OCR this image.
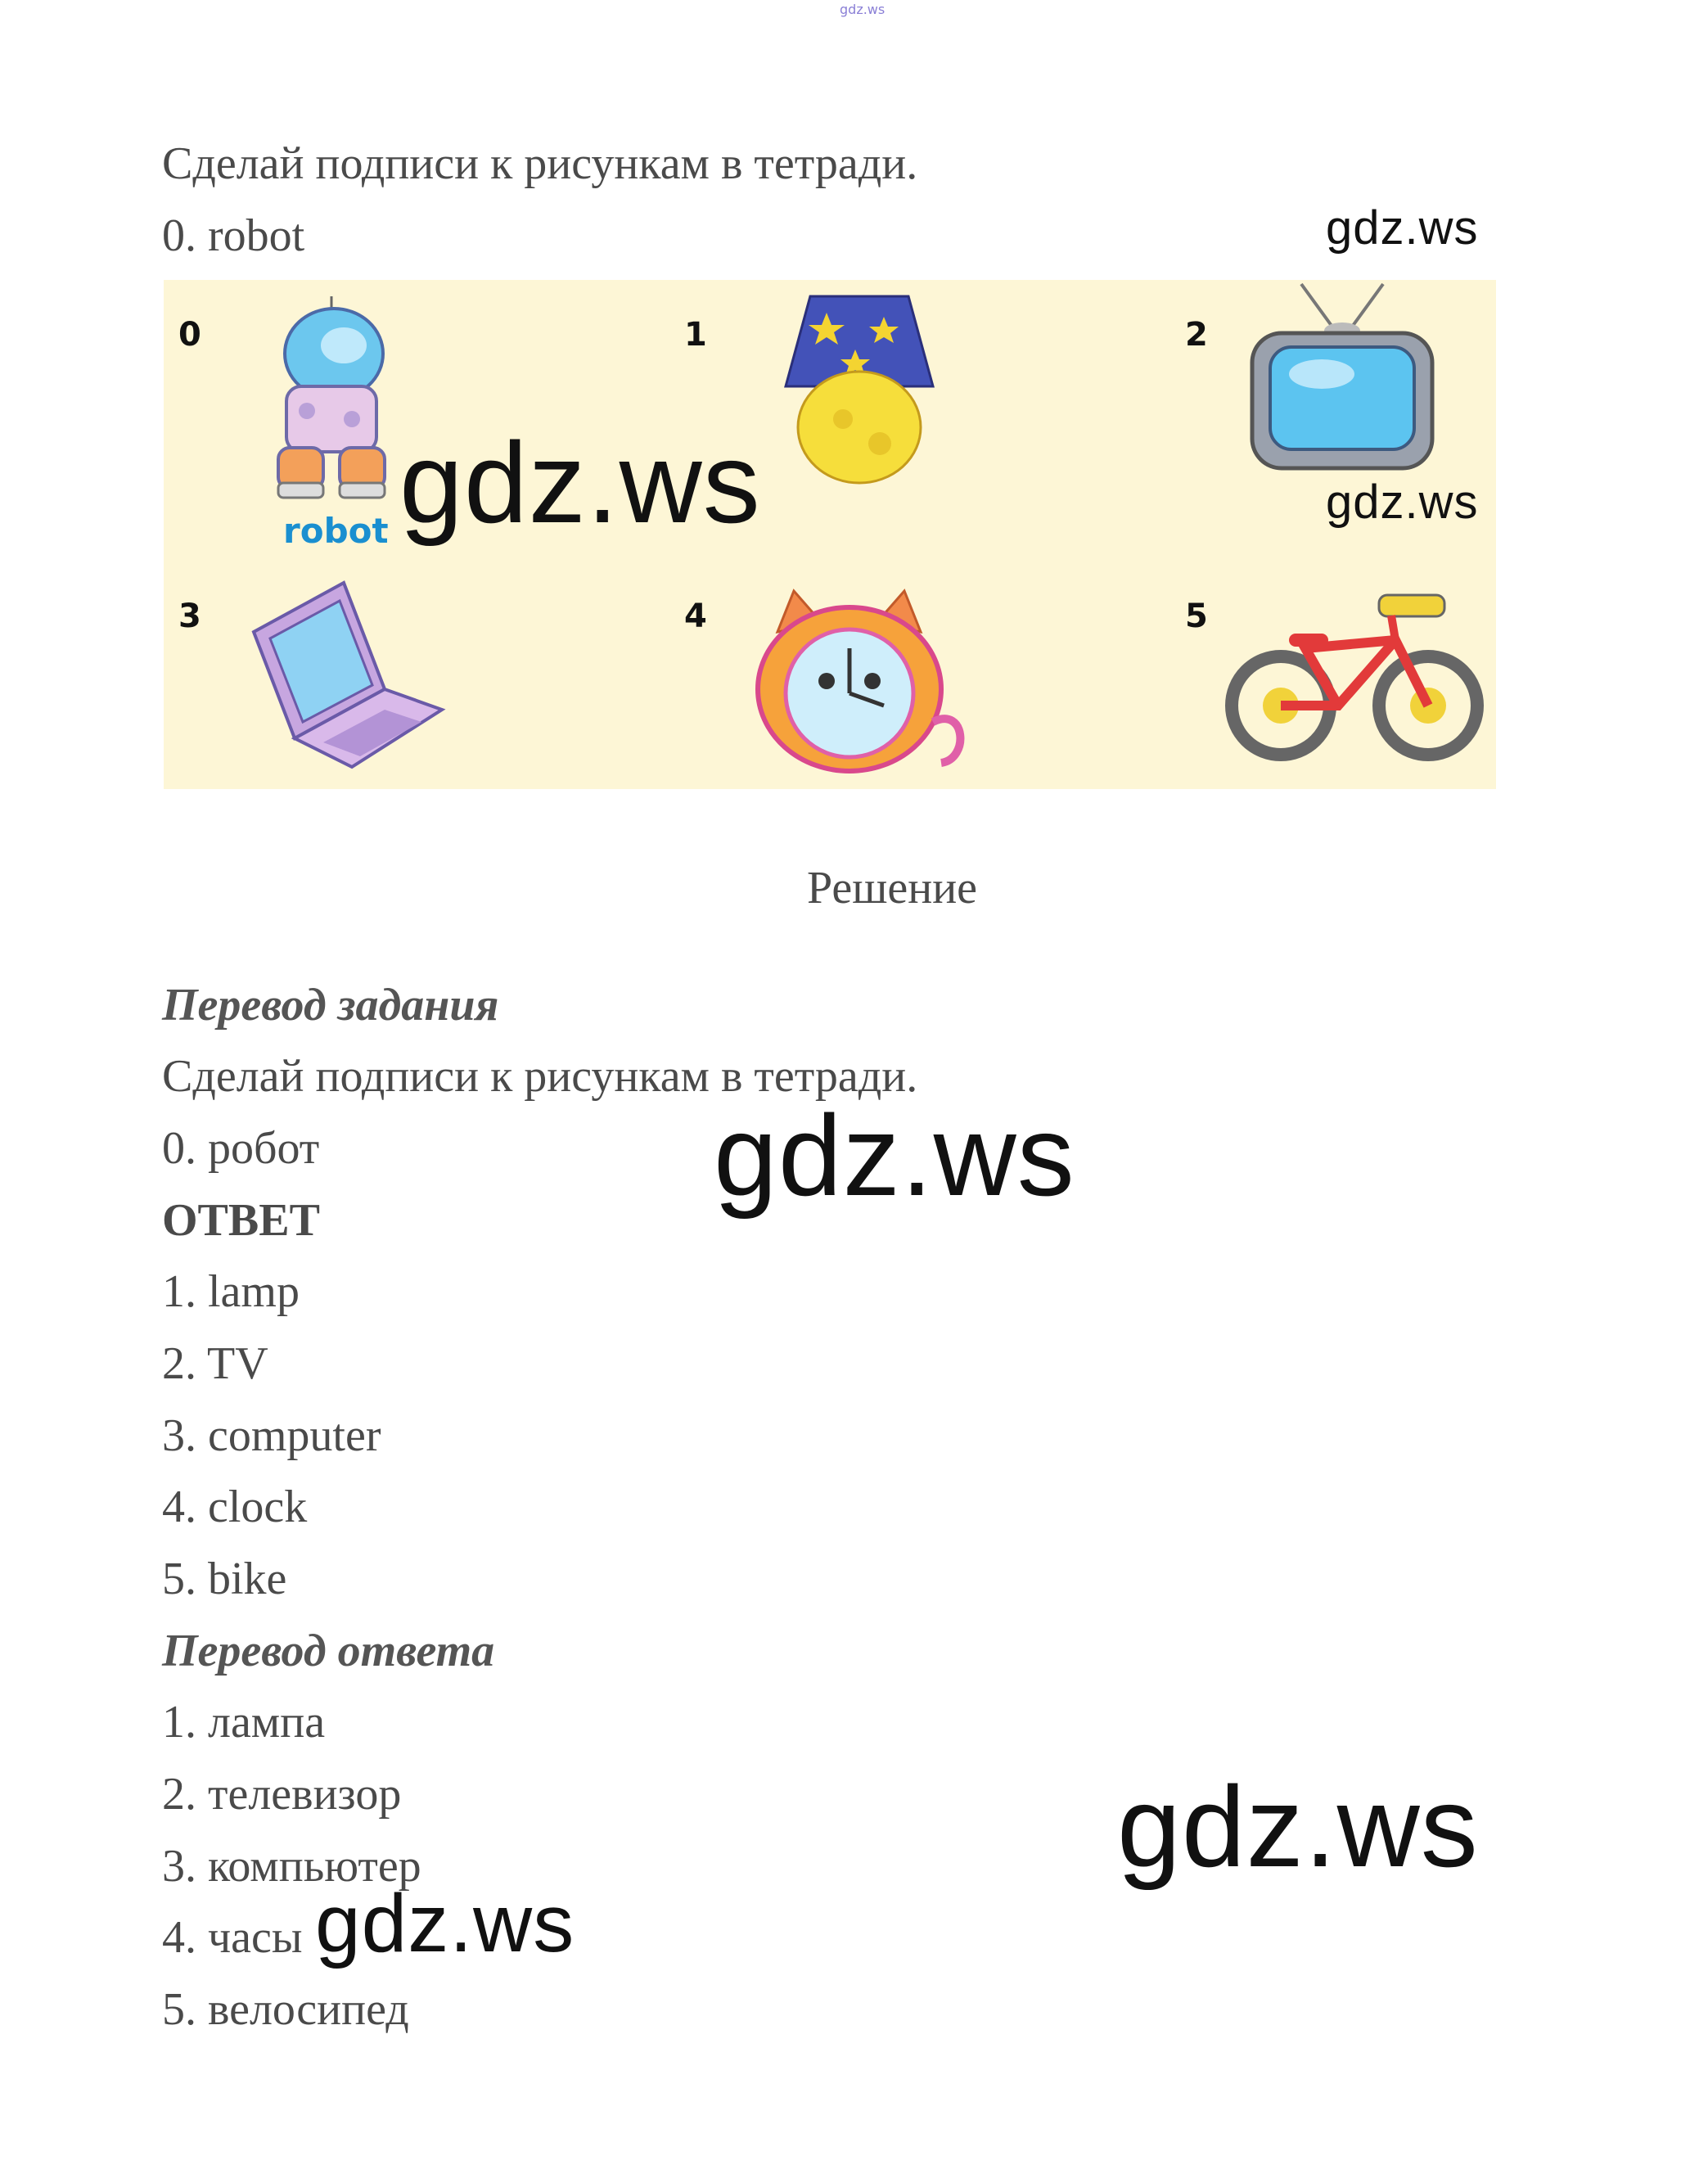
gdz.ws
Сделай подписи к рисункам в тетради.
0. robot
0	1	2
3	4	5
robot gdz.ws
gdz.ws
gdz.ws
Решение
Перевод задания
Сделай подписи к рисункам в тетради.
0. робот	gdz.ws
ОТВЕТ
1. lamp
2. TV
3. computer
4. clock
5. bike
Перевод ответа
1. лампа
2. телевизор
3. компьютер
4. часы
5. велосипед
gdz.ws
gdz.ws
